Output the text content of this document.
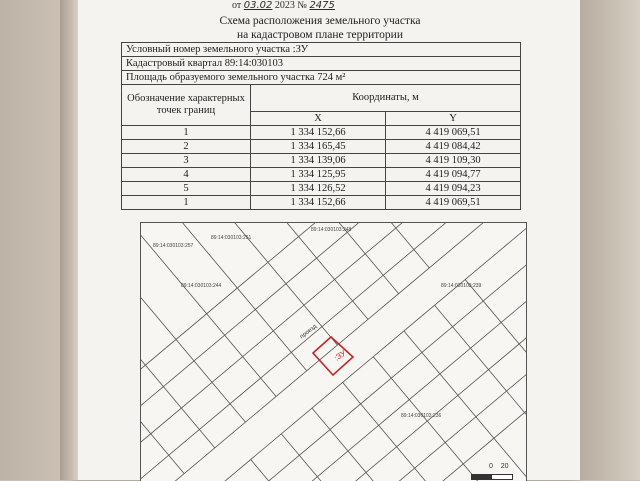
от 03.02 2023 № 2475
Схема расположения земельного участка
на кадастровом плане территории
Условный номер земельного участка :ЗУ		
Кадастровый квартал 89:14:030103		
Площадь образуемого земельного участка 724 м²		
Обозначение характерных точек границ	Координаты, м	
	X	Y
1	1 334 152,66	4 419 069,51
2	1 334 165,45	4 419 084,42
3	1 334 139,06	4 419 109,30
4	1 334 125,95	4 419 094,77
5	1 334 126,52	4 419 094,23
1	1 334 152,66	4 419 069,51
:ЗУ
проезд
89:14:030103:257
89:14:030103:251
89:14:030103:248
89:14:030103:244	89:14:030103:239
89:14:030103:236
0 20
